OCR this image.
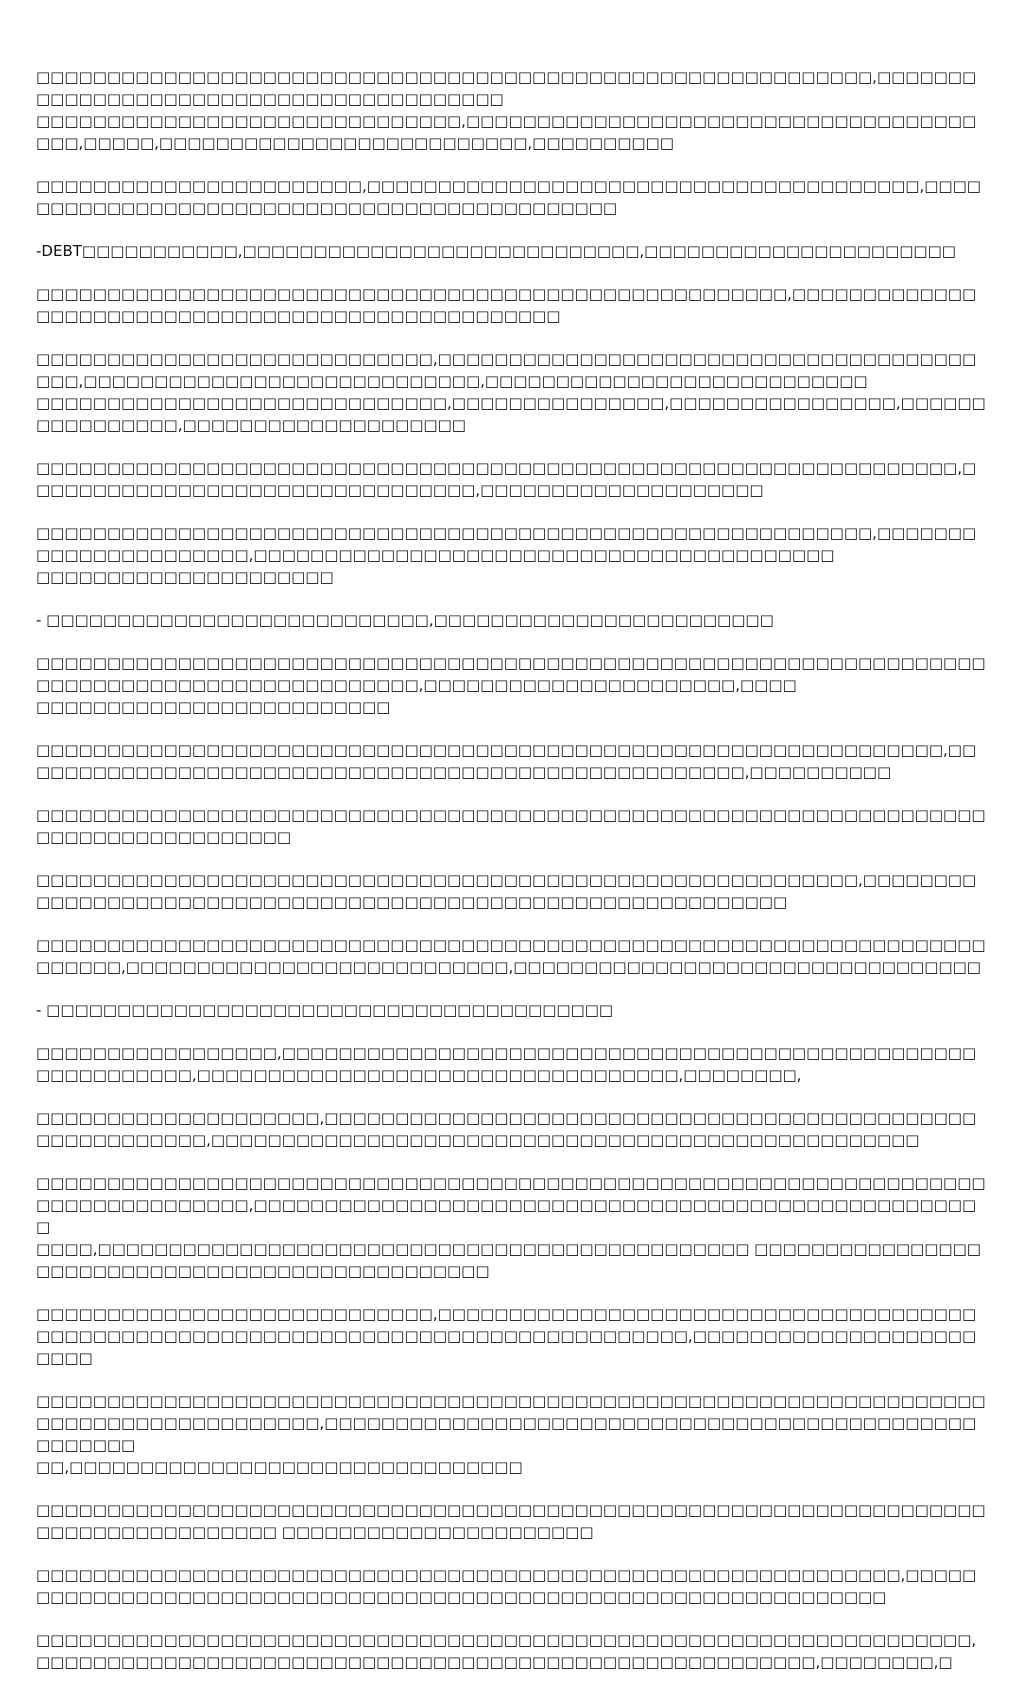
□□□□□□□□□□□□□□□□□□□□□□□□□□□□□□□□□□□□□□□□□□□□□□□□□□□□□□□□□□□,□□□□□□□□□□□□□□□□□□□□□□□□□□□□□□□□□□□□□□□□
□□□□□□□□□□□□□□□□□□□□□□□□□□□□□□,□□□□□□□□□□□□□□□□□□□□□□□□□□□□□□□□□□□□□□□,□□□□□,□□□□□□□□□□□□□□□□□□□□□□□□□□,□□□□□□□□□□

□□□□□□□□□□□□□□□□□□□□□□□,□□□□□□□□□□□□□□□□□□□□□□□□□□□□□□□□□□□□□□□,□□□□□□□□□□□□□□□□□□□□□□□□□□□□□□□□□□□□□□□□□□□□□

-DEBT□□□□□□□□□□□,□□□□□□□□□□□□□□□□□□□□□□□□□□□□,□□□□□□□□□□□□□□□□□□□□□□

□□□□□□□□□□□□□□□□□□□□□□□□□□□□□□□□□□□□□□□□□□□□□□□□□□□□□,□□□□□□□□□□□□□□□□□□□□□□□□□□□□□□□□□□□□□□□□□□□□□□□□□□

□□□□□□□□□□□□□□□□□□□□□□□□□□□□,□□□□□□□□□□□□□□□□□□□□□□□□□□□□□□□□□□□□□□□□□,□□□□□□□□□□□□□□□□□□□□□□□□□□□□,□□□□□□□□□□□□□□□□□□□□□□□□□□□
□□□□□□□□□□□□□□□□□□□□□□□□□□□□□,□□□□□□□□□□□□□□□,□□□□□□□□□□□□□□□□,□□□□□□□□□□□□□□□□,□□□□□□□□□□□□□□□□□□□□

□□□□□□□□□□□□□□□□□□□□□□□□□□□□□□□□□□□□□□□□□□□□□□□□□□□□□□□□□□□□□□□□□,□□□□□□□□□□□□□□□□□□□□□□□□□□□□□□□□,□□□□□□□□□□□□□□□□□□□□

□□□□□□□□□□□□□□□□□□□□□□□□□□□□□□□□□□□□□□□□□□□□□□□□□□□□□□□□□□□,□□□□□□□□□□□□□□□□□□□□□□,□□□□□□□□□□□□□□□□□□□□□□□□□□□□□□□□□□□□□□□□□
□□□□□□□□□□□□□□□□□□□□□

- □□□□□□□□□□□□□□□□□□□□□□□□□□□,□□□□□□□□□□□□□□□□□□□□□□□□

□□□□□□□□□□□□□□□□□□□□□□□□□□□□□□□□□□□□□□□□□□□□□□□□□□□□□□□□□□□□□□□□□□□□□□□□□□□□□□□□□□□□□□□□□□□□□□,□□□□□□□□□□□□□□□□□□□□□□,□□□□
□□□□□□□□□□□□□□□□□□□□□□□□□

□□□□□□□□□□□□□□□□□□□□□□□□□□□□□□□□□□□□□□□□□□□□□□□□□□□□□□□□□□□□□□□□,□□□□□□□□□□□□□□□□□□□□□□□□□□□□□□□□□□□□□□□□□□□□□□□□□□□□,□□□□□□□□□□

□□□□□□□□□□□□□□□□□□□□□□□□□□□□□□□□□□□□□□□□□□□□□□□□□□□□□□□□□□□□□□□□□□□□□□□□□□□□□□□□□□□□□

□□□□□□□□□□□□□□□□□□□□□□□□□□□□□□□□□□□□□□□□□□□□□□□□□□□□□□□□□□,□□□□□□□□□□□□□□□□□□□□□□□□□□□□□□□□□□□□□□□□□□□□□□□□□□□□□□□□□□□□□

□□□□□□□□□□□□□□□□□□□□□□□□□□□□□□□□□□□□□□□□□□□□□□□□□□□□□□□□□□□□□□□□□□□□□□□□□,□□□□□□□□□□□□□□□□□□□□□□□□□□□,□□□□□□□□□□□□□□□□□□□□□□□□□□□□□□□□□

- □□□□□□□□□□□□□□□□□□□□□□□□□□□□□□□□□□□□□□□□

□□□□□□□□□□□□□□□□□,□□□□□□□□□□□□□□□□□□□□□□□□□□□□□□□□□□□□□□□□□□□□□□□□□□□□□□□□□□□□,□□□□□□□□□□□□□□□□□□□□□□□□□□□□□□□□□□,□□□□□□□□,

□□□□□□□□□□□□□□□□□□□□,□□□□□□□□□□□□□□□□□□□□□□□□□□□□□□□□□□□□□□□□□□□□□□□□□□□□□□□□□□,□□□□□□□□□□□□□□□□□□□□□□□□□□□□□□□□□□□□□□□□□□□□□□□□□□

□□□□□□□□□□□□□□□□□□□□□□□□□□□□□□□□□□□□□□□□□□□□□□□□□□□□□□□□□□□□□□□□□□□□□□□□□□□□□□□□□□,□□□□□□□□□□□□□□□□□□□□□□□□□□□□□□□□□□□□□□□□□□□□□□□□□□□□
□□□□,□□□□□□□□□□□□□□□□□□□□□□□□□□□□□□□□□□□□□□□□□□□□□□ □□□□□□□□□□□□□□□□□□□□□□□□□□□□□□□□□□□□□□□□□□□□□□□□

□□□□□□□□□□□□□□□□□□□□□□□□□□□□,□□□□□□□□□□□□□□□□□□□□□□□□□□□□□□□□□□□□□□□□□□□□□□□□□□□□□□□□□□□□□□□□□□□□□□□□□□□□□□□□□□□□,□□□□□□□□□□□□□□□□□□□□□□□□

□□□□□□□□□□□□□□□□□□□□□□□□□□□□□□□□□□□□□□□□□□□□□□□□□□□□□□□□□□□□□□□□□□□□□□□□□□□□□□□□□□□□□□□,□□□□□□□□□□□□□□□□□□□□□□□□□□□□□□□□□□□□□□□□□□□□□□□□□□□□□
□□,□□□□□□□□□□□□□□□□□□□□□□□□□□□□□□□□

□□□□□□□□□□□□□□□□□□□□□□□□□□□□□□□□□□□□□□□□□□□□□□□□□□□□□□□□□□□□□□□□□□□□□□□□□□□□□□□□□□□□ □□□□□□□□□□□□□□□□□□□□□□

□□□□□□□□□□□□□□□□□□□□□□□□□□□□□□□□□□□□□□□□□□□□□□□□□□□□□□□□□□□□□,□□□□□□□□□□□□□□□□□□□□□□□□□□□□□□□□□□□□□□□□□□□□□□□□□□□□□□□□□□□□□□□□□

□□□□□□□□□□□□□□□□□□□□□□□□□□□□□□□□□□□□□□□□□□□□□□□□□□□□□□□□□□□□□□□□□□,□□□□□□□□□□□□□□□□□□□□□□□□□□□□□□□□□□□□□□□□□□□□□□□□□□□□□□□,□□□□□□□□,□
